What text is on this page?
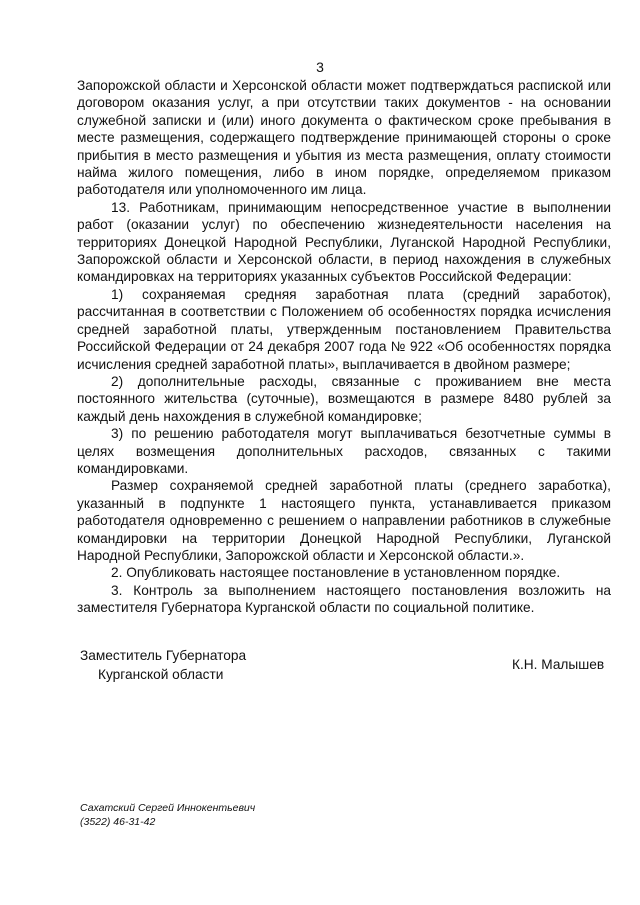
3

Запорожской области и Херсонской области может подтверждаться распиской или договором оказания услуг, а при отсутствии таких документов - на основании служебной записки и (или) иного документа о фактическом сроке пребывания в месте размещения, содержащего подтверждение принимающей стороны о сроке прибытия в место размещения и убытия из места размещения, оплату стоимости найма жилого помещения, либо в ином порядке, определяемом приказом работодателя или уполномоченного им лица.

13. Работникам, принимающим непосредственное участие в выполнении работ (оказании услуг) по обеспечению жизнедеятельности населения на территориях Донецкой Народной Республики, Луганской Народной Республики, Запорожской области и Херсонской области, в период нахождения в служебных командировках на территориях указанных субъектов Российской Федерации:

1) сохраняемая средняя заработная плата (средний заработок), рассчитанная в соответствии с Положением об особенностях порядка исчисления средней заработной платы, утвержденным постановлением Правительства Российской Федерации от 24 декабря 2007 года № 922 «Об особенностях порядка исчисления средней заработной платы», выплачивается в двойном размере;

2) дополнительные расходы, связанные с проживанием вне места постоянного жительства (суточные), возмещаются в размере 8480 рублей за каждый день нахождения в служебной командировке;

3) по решению работодателя могут выплачиваться безотчетные суммы в целях возмещения дополнительных расходов, связанных с такими командировками.

Размер сохраняемой средней заработной платы (среднего заработка), указанный в подпункте 1 настоящего пункта, устанавливается приказом работодателя одновременно с решением о направлении работников в служебные командировки на территории Донецкой Народной Республики, Луганской Народной Республики, Запорожской области и Херсонской области.».

2. Опубликовать настоящее постановление в установленном порядке.

3. Контроль за выполнением настоящего постановления возложить на заместителя Губернатора Курганской области по социальной политике.

Заместитель Губернатора
Курганской области
К.Н. Малышев
Сахатский Сергей Иннокентьевич
(3522) 46-31-42
